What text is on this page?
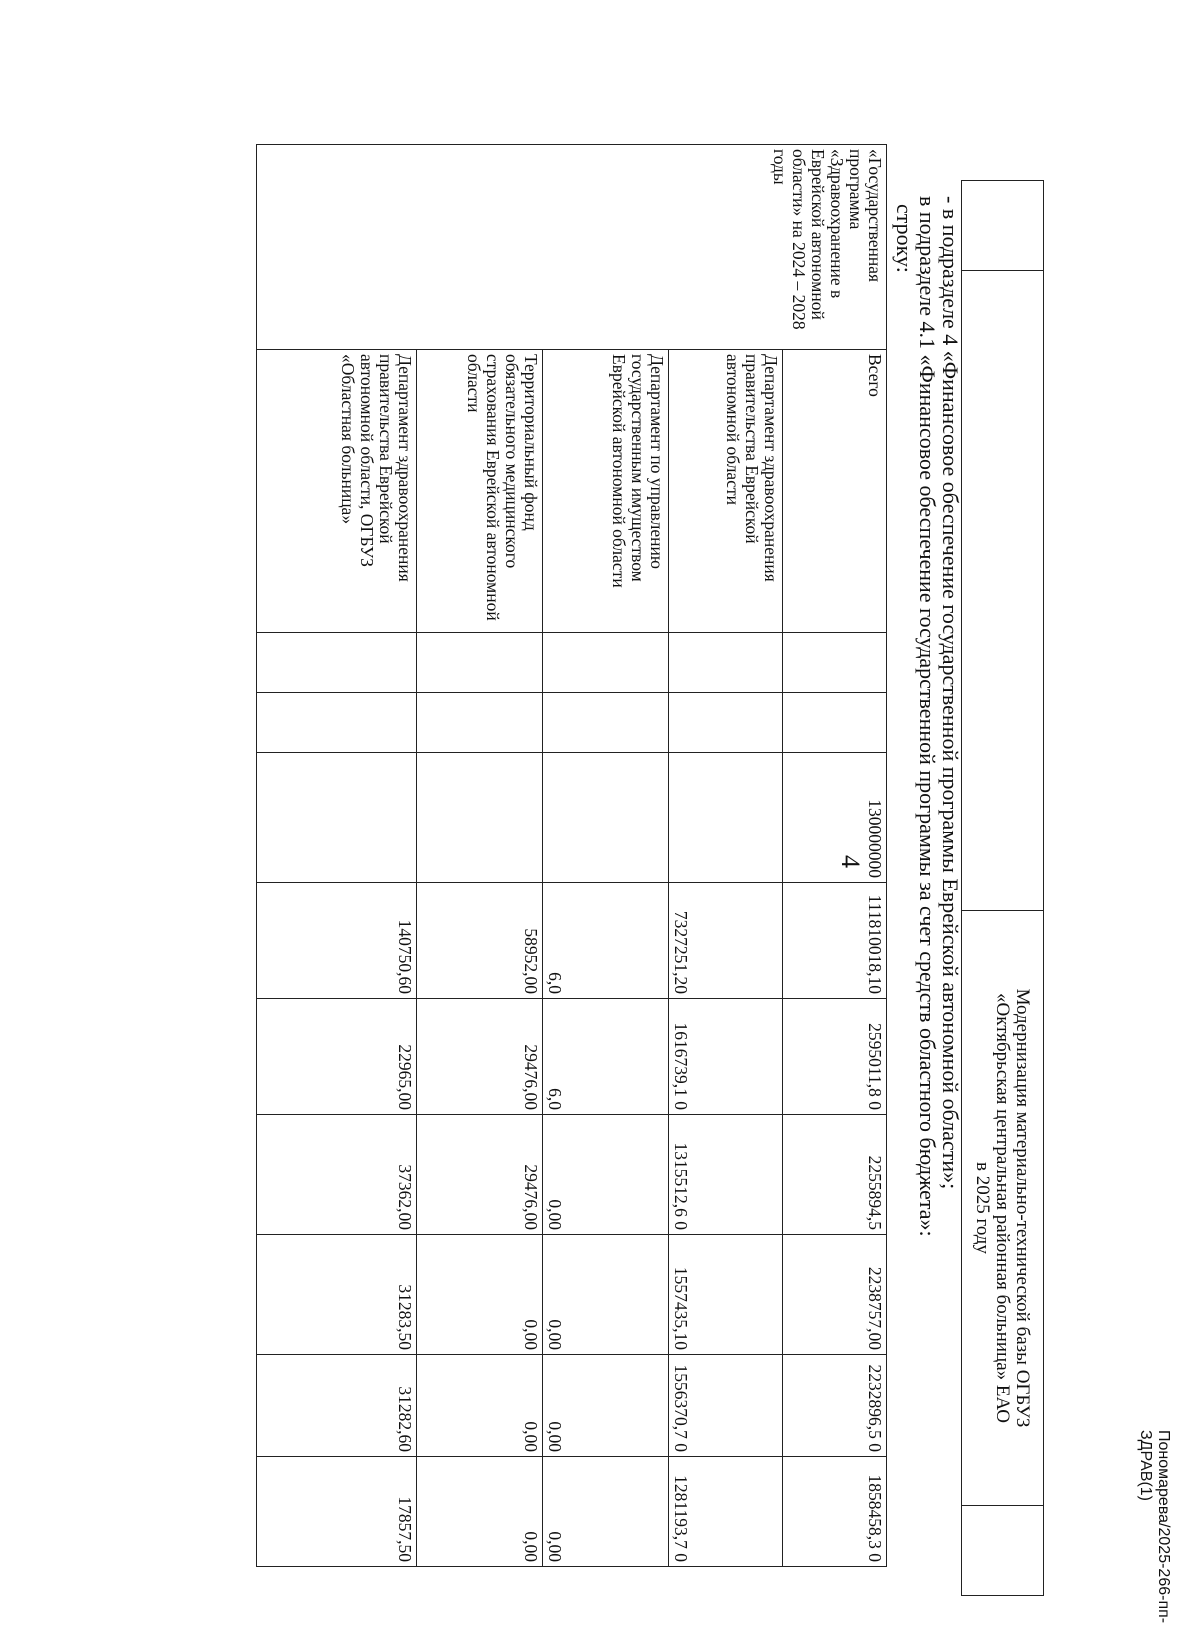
4
Пономарева/2025-266-пп-ЗДРАВ(1)

Модернизация материально-технической базы ОГБУЗ
«Октябрьская центральная районная больница» ЕАО
в 2025 году

- в подразделе 4 «Финансовое обеспечение государственной программы Еврейской автономной области»;

в подразделе 4.1 «Финансовое обеспечение государственной программы за счет средств областного бюджета»:

строку:

«Государственная программа «Здравоохранение в Еврейской автономной области» на 2024 – 2028 годы	Всего			130000000	111810018,10	2595011,8 0	2255894,5	2238757,00	2232896,5 0	1858458,3 0
	Департамент здравоохранения правительства Еврейской автономной области				7327251,20	1616739,1 0	1315512,6 0	1557435,10	1556370,7 0	1281193,7 0
	Департамент по управлению государственным имуществом Еврейской автономной области				6,0	6,0	0,00	0,00	0,00	0,00
	Территориальный фонд обязательного медицинского страхования Еврейской автономной области				58952,00	29476,00	29476,00	0,00	0,00	0,00
	Департамент здравоохранения правительства Еврейской автономной области, ОГБУЗ «Областная больница»				140750,60	22965,00	37362,00	31283,50	3128​2,60	17857,50
